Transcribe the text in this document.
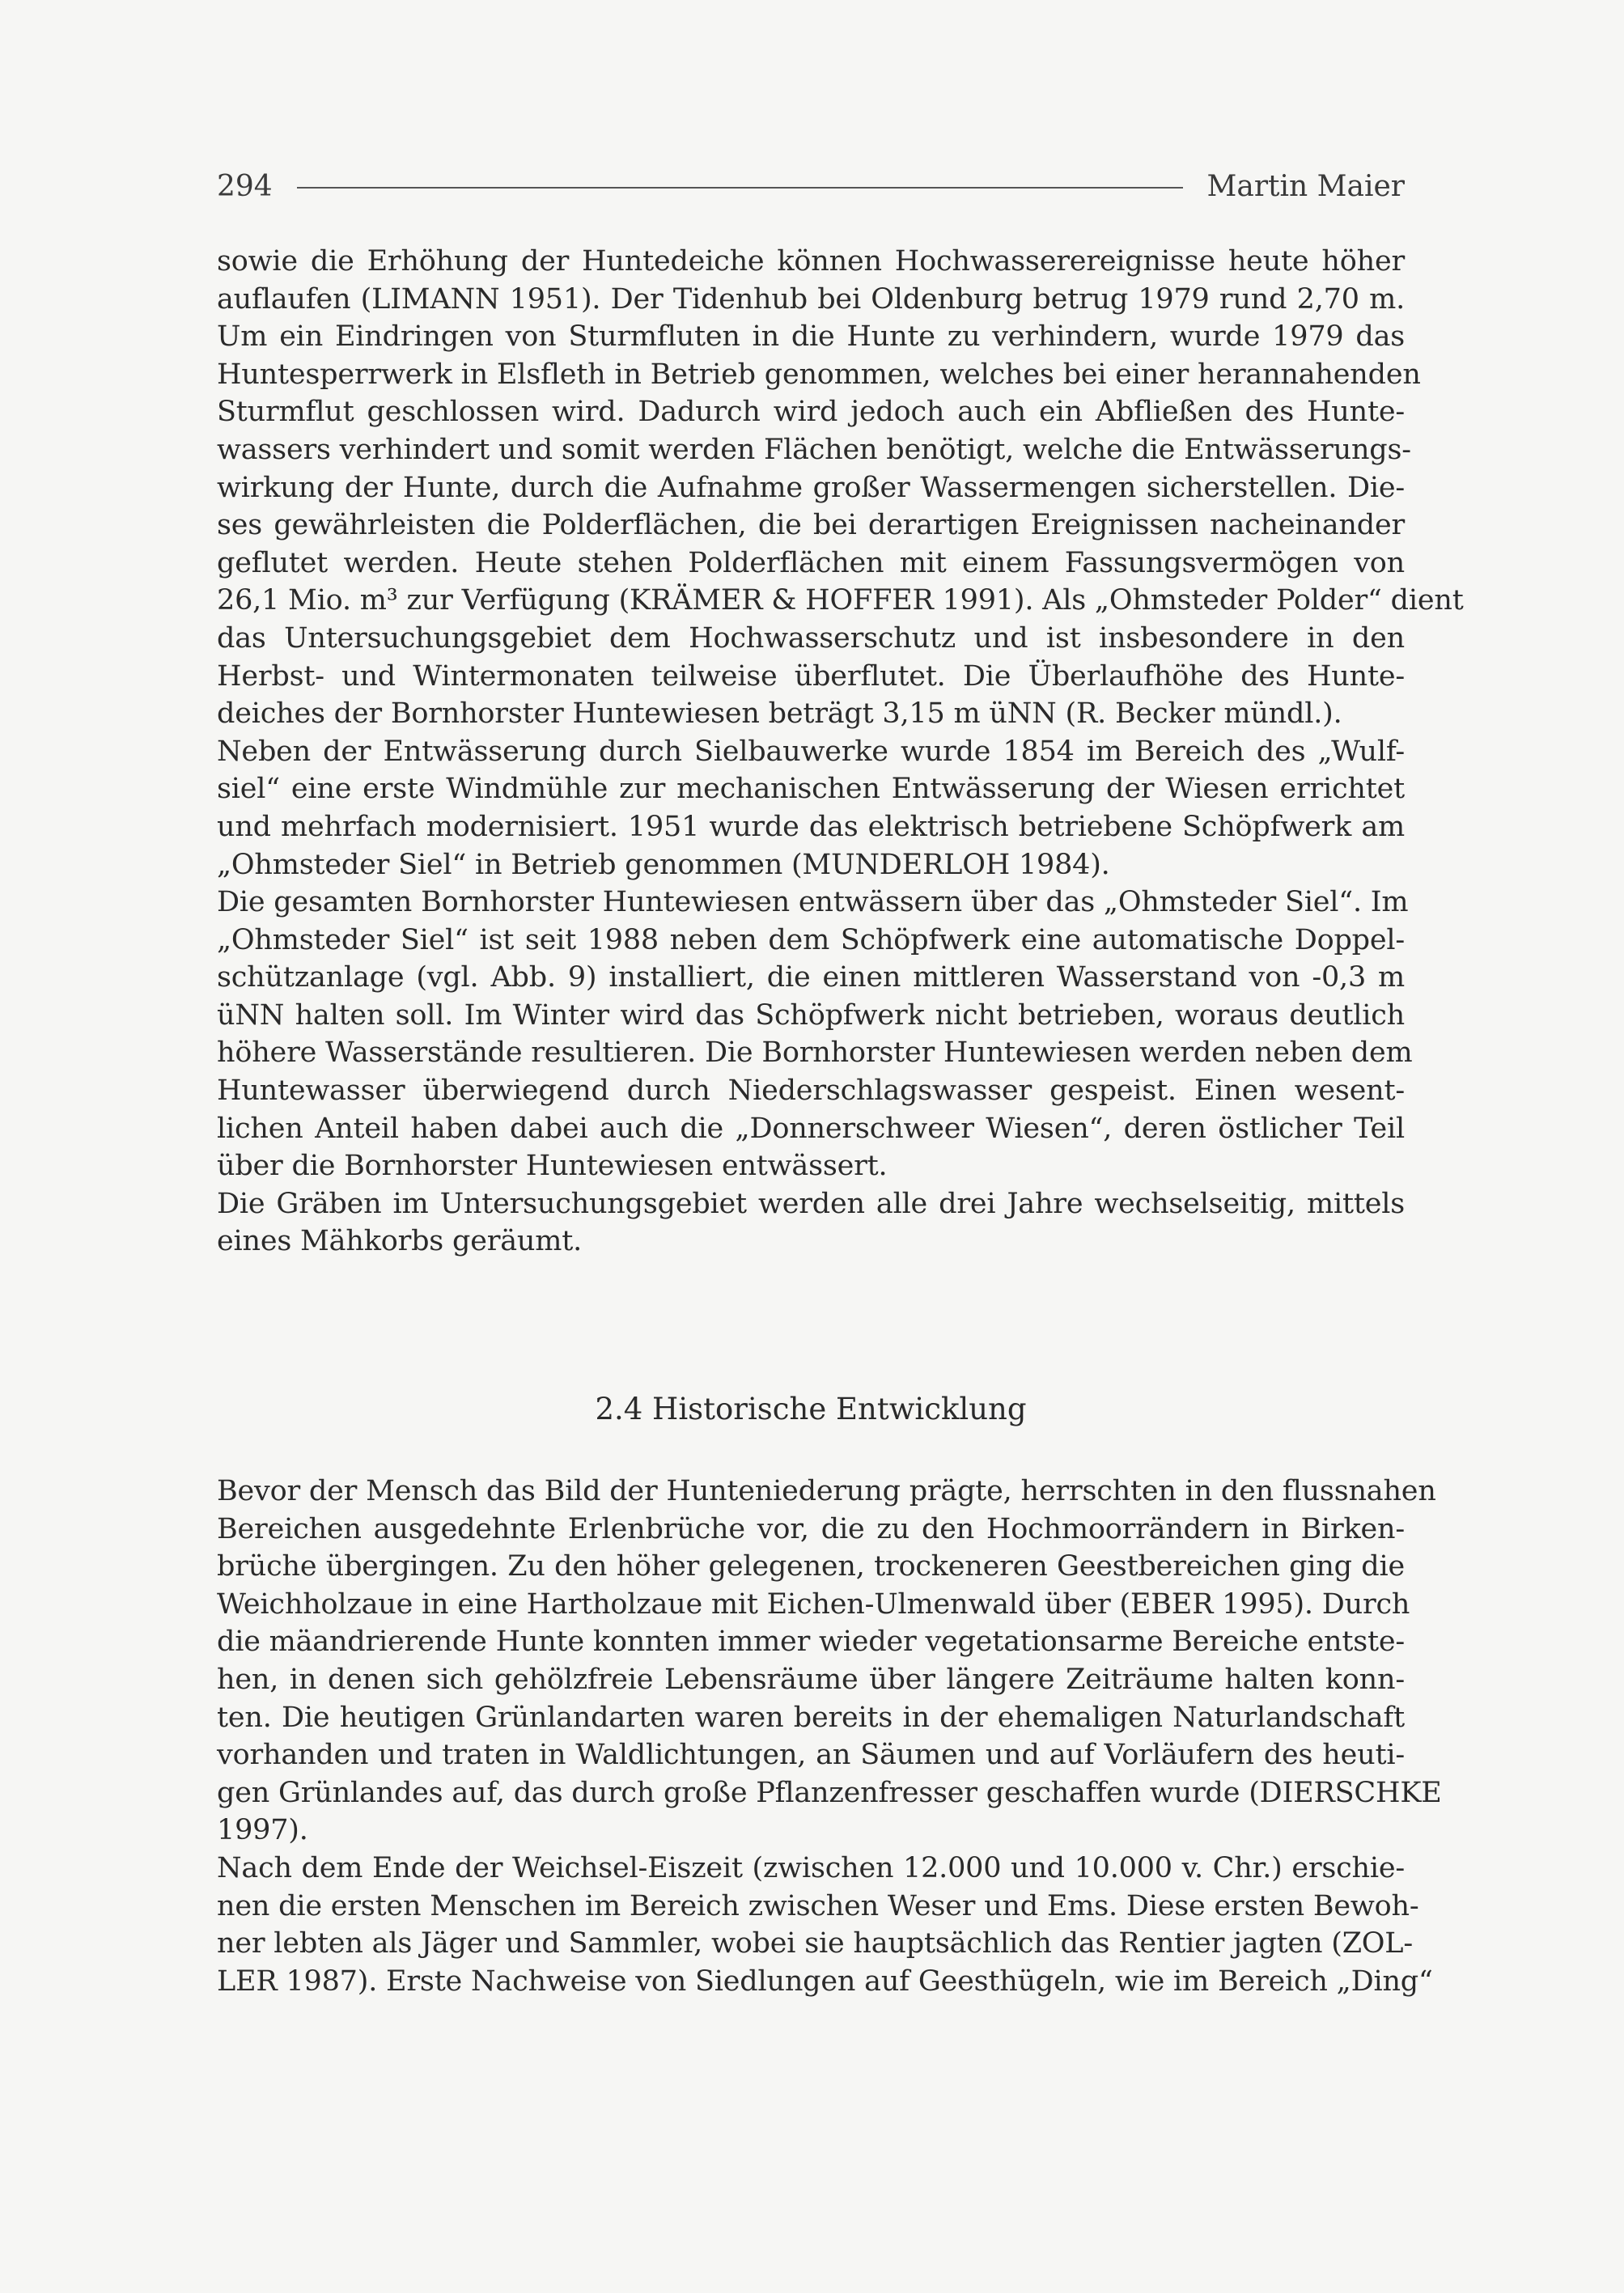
294	Martin Maier

sowie die Erhöhung der Huntedeiche können Hochwasserereignisse heute höher
auflaufen (LIMANN 1951). Der Tidenhub bei Oldenburg betrug 1979 rund 2,70 m.
Um ein Eindringen von Sturmfluten in die Hunte zu verhindern, wurde 1979 das
Huntesperrwerk in Elsfleth in Betrieb genommen, welches bei einer herannahenden
Sturmflut geschlossen wird. Dadurch wird jedoch auch ein Abfließen des Hunte-
wassers verhindert und somit werden Flächen benötigt, welche die Entwässerungs-
wirkung der Hunte, durch die Aufnahme großer Wassermengen sicherstellen. Die-
ses gewährleisten die Polderflächen, die bei derartigen Ereignissen nacheinander
geflutet werden. Heute stehen Polderflächen mit einem Fassungsvermögen von
26,1 Mio. m³ zur Verfügung (KRÄMER & HOFFER 1991). Als „Ohmsteder Polder“ dient
das Untersuchungsgebiet dem Hochwasserschutz und ist insbesondere in den
Herbst- und Wintermonaten teilweise überflutet. Die Überlaufhöhe des Hunte-
deiches der Bornhorster Huntewiesen beträgt 3,15 m üNN (R. Becker mündl.).

Neben der Entwässerung durch Sielbauwerke wurde 1854 im Bereich des „Wulf-
siel“ eine erste Windmühle zur mechanischen Entwässerung der Wiesen errichtet
und mehrfach modernisiert. 1951 wurde das elektrisch betriebene Schöpfwerk am
„Ohmsteder Siel“ in Betrieb genommen (MUNDERLOH 1984).

Die gesamten Bornhorster Huntewiesen entwässern über das „Ohmsteder Siel“. Im
„Ohmsteder Siel“ ist seit 1988 neben dem Schöpfwerk eine automatische Doppel-
schützanlage (vgl. Abb. 9) installiert, die einen mittleren Wasserstand von -0,3 m
üNN halten soll. Im Winter wird das Schöpfwerk nicht betrieben, woraus deutlich
höhere Wasserstände resultieren. Die Bornhorster Huntewiesen werden neben dem
Huntewasser überwiegend durch Niederschlagswasser gespeist. Einen wesent-
lichen Anteil haben dabei auch die „Donnerschweer Wiesen“, deren östlicher Teil
über die Bornhorster Huntewiesen entwässert.

Die Gräben im Untersuchungsgebiet werden alle drei Jahre wechselseitig, mittels
eines Mähkorbs geräumt.

2.4 Historische Entwicklung

Bevor der Mensch das Bild der Hunteniederung prägte, herrschten in den flussnahen
Bereichen ausgedehnte Erlenbrüche vor, die zu den Hochmoorrändern in Birken-
brüche übergingen. Zu den höher gelegenen, trockeneren Geestbereichen ging die
Weichholzaue in eine Hartholzaue mit Eichen-Ulmenwald über (EBER 1995). Durch
die mäandrierende Hunte konnten immer wieder vegetationsarme Bereiche entste-
hen, in denen sich gehölzfreie Lebensräume über längere Zeiträume halten konn-
ten. Die heutigen Grünlandarten waren bereits in der ehemaligen Naturlandschaft
vorhanden und traten in Waldlichtungen, an Säumen und auf Vorläufern des heuti-
gen Grünlandes auf, das durch große Pflanzenfresser geschaffen wurde (DIERSCHKE
1997).

Nach dem Ende der Weichsel-Eiszeit (zwischen 12.000 und 10.000 v. Chr.) erschie-
nen die ersten Menschen im Bereich zwischen Weser und Ems. Diese ersten Bewoh-
ner lebten als Jäger und Sammler, wobei sie hauptsächlich das Rentier jagten (ZOL-
LER 1987). Erste Nachweise von Siedlungen auf Geesthügeln, wie im Bereich „Ding“
